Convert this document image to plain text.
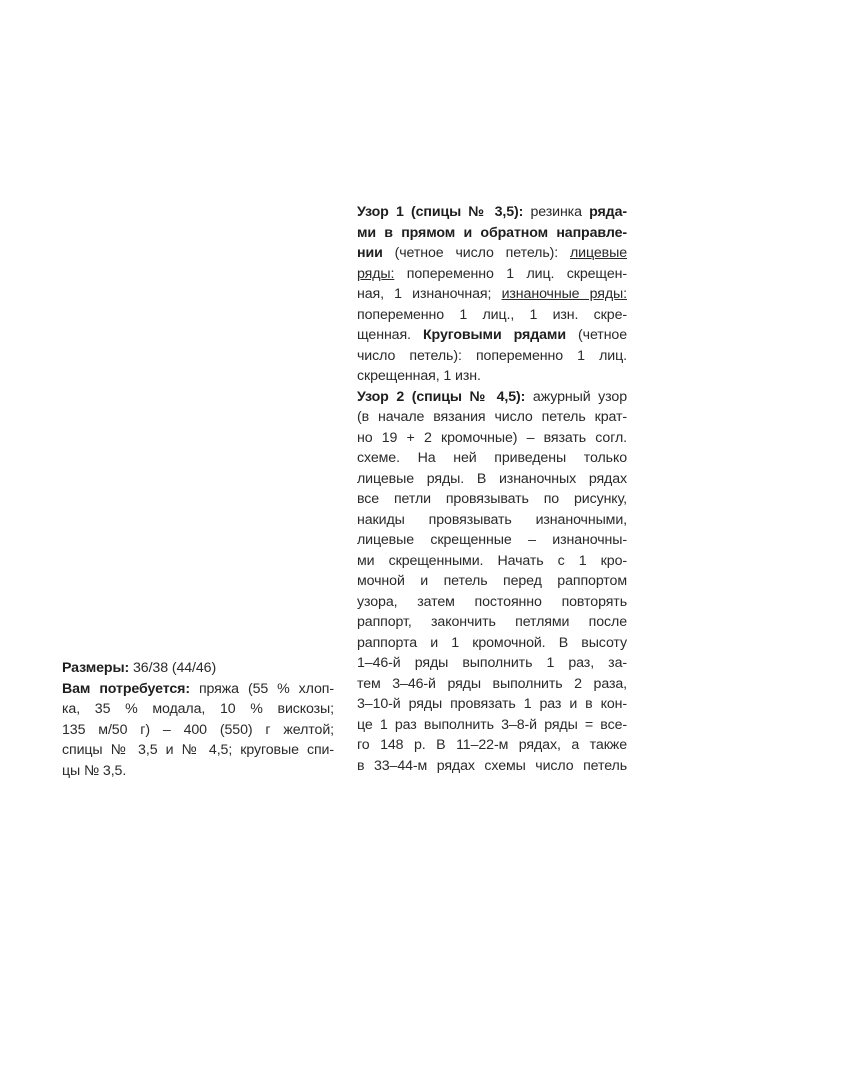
Размеры: 36/38 (44/46)
Вам потребуется: пряжа (55 % хлоп-
ка, 35 % модала, 10 % вискозы;
135 м/50 г) – 400 (550) г желтой;
спицы № 3,5 и № 4,5; круговые спи-
цы № 3,5.
Узор 1 (спицы № 3,5): резинка ряда-
ми в прямом и обратном направле-
нии (четное число петель): лицевые
ряды: попеременно 1 лиц. скрещен-
ная, 1 изнаночная; изнаночные ряды:
попеременно 1 лиц., 1 изн. скре-
щенная. Круговыми рядами (четное
число петель): попеременно 1 лиц.
скрещенная, 1 изн.
Узор 2 (спицы № 4,5): ажурный узор
(в начале вязания число петель крат-
но 19 + 2 кромочные) – вязать согл.
схеме. На ней приведены только
лицевые ряды. В изнаночных рядах
все петли провязывать по рисунку,
накиды провязывать изнаночными,
лицевые скрещенные – изнаночны-
ми скрещенными. Начать с 1 кро-
мочной и петель перед раппортом
узора, затем постоянно повторять
раппорт, закончить петлями после
раппорта и 1 кромочной. В высоту
1–46-й ряды выполнить 1 раз, за-
тем 3–46-й ряды выполнить 2 раза,
3–10-й ряды провязать 1 раз и в кон-
це 1 раз выполнить 3–8-й ряды = все-
го 148 р. В 11–22-м рядах, а также
в 33–44-м рядах схемы число петель
